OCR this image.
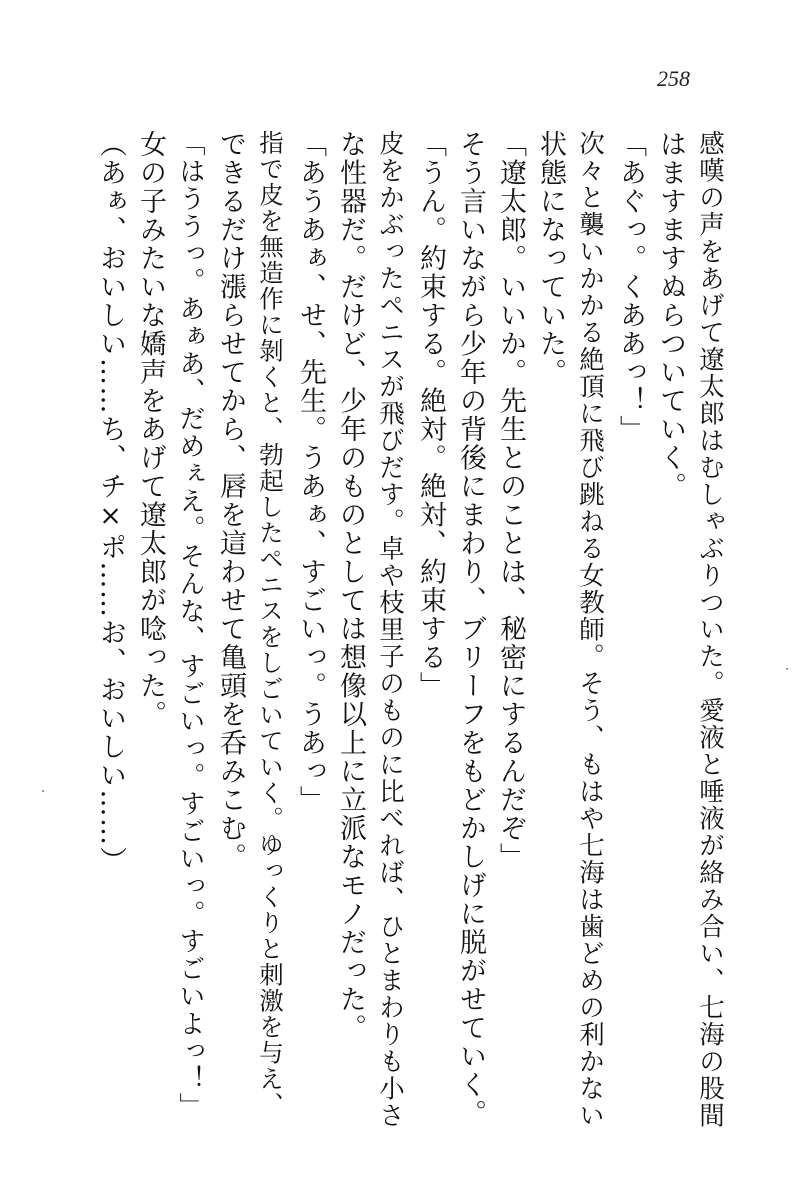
258
感嘆の声をあげて遼太郎はむしゃぶりついた。愛液と唾液が絡み合い、七海の股間
はますますぬらついていく。
「あぐっ。くああっ！」
次々と襲いかかる絶頂に飛び跳ねる女教師。そう、もはや七海は歯どめの利かない
状態になっていた。
「遼太郎。いいか。先生とのことは、秘密にするんだぞ」
そう言いながら少年の背後にまわり、ブリーフをもどかしげに脱がせていく。
「うん。約束する。絶対。絶対、約束する」
皮をかぶったペニスが飛びだす。卓や枝里子のものに比べれば、ひとまわりも小さ
な性器だ。だけど、少年のものとしては想像以上に立派なモノだった。
「あうあぁ、せ、先生。うあぁ、すごいっ。うあっ」
指で皮を無造作に剝くと、勃起したペニスをしごいていく。ゆっくりと刺激を与え、
できるだけ漲らせてから、唇を這わせて亀頭を呑みこむ。
「はううっ。あぁあ、だめぇえ。そんな、すごいっ。すごいっ。すごいよっ！」
女の子みたいな嬌声をあげて遼太郎が唸った。
（あぁ、おいしい……ち、チ×ポ……お、おいしい……）
